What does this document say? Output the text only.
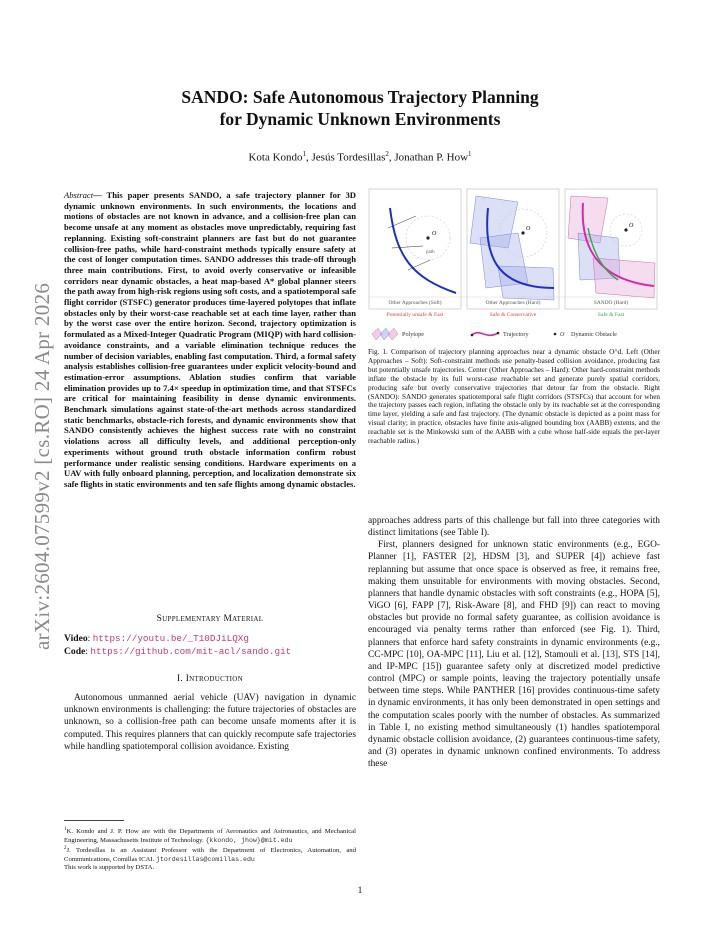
arXiv:2604.07599v2 [cs.RO] 24 Apr 2026
SANDO: Safe Autonomous Trajectory Planning
for Dynamic Unknown Environments
Kota Kondo$^1$, Jesús Tordesillas$^2$, Jonathan P. How$^1$
Abstract— This paper presents SANDO, a safe trajectory planner for 3D dynamic unknown environments. In such environments, the locations and motions of obstacles are not known in advance, and a collision-free plan can become unsafe at any moment as obstacles move unpredictably, requiring fast replanning. Existing soft-constraint planners are fast but do not guarantee collision-free paths, while hard-constraint methods typically ensure safety at the cost of longer computation times. SANDO addresses this trade-off through three main contributions. First, to avoid overly conservative or infeasible corridors near dynamic obstacles, a heat map-based A* global planner steers the path away from high-risk regions using soft costs, and a spatiotemporal safe flight corridor (STSFC) generator produces time-layered polytopes that inflate obstacles only by their worst-case reachable set at each time layer, rather than by the worst case over the entire horizon. Second, trajectory optimization is formulated as a Mixed-Integer Quadratic Program (MIQP) with hard collision-avoidance constraints, and a variable elimination technique reduces the number of decision variables, enabling fast computation. Third, a formal safety analysis establishes collision-free guarantees under explicit velocity-bound and estimation-error assumptions. Ablation studies confirm that variable elimination provides up to 7.4× speedup in optimization time, and that STSFCs are critical for maintaining feasibility in dense dynamic environments. Benchmark simulations against state-of-the-art methods across standardized static benchmarks, obstacle-rich forests, and dynamic environments show that SANDO consistently achieves the highest success rate with no constraint violations across all difficulty levels, and additional perception-only experiments without ground truth obstacle information confirm robust performance under realistic sensing conditions. Hardware experiments on a UAV with fully onboard planning, perception, and localization demonstrate six safe flights in static environments and ten safe flights among dynamic obstacles.
Supplementary Material
Video: https://youtu.be/_T10DJiLQXg
Code: https://github.com/mit-acl/sando.git
I. Introduction
Autonomous unmanned aerial vehicle (UAV) navigation in dynamic unknown environments is challenging: the future trajectories of obstacles are unknown, so a collision-free path can become unsafe moments after it is computed. This requires planners that can quickly recompute safe trajectories while handling spatiotemporal collision avoidance. Existing
$^1$K. Kondo and J. P. How are with the Departments of Aeronautics and Astronautics, and Mechanical Engineering, Massachusetts Institute of Technology. {kkondo, jhow}@mit.edu
$^2$J. Tordesillas is an Assistant Professor with the Department of Electronics, Automation, and Communications, Comillas ICAI. jtordesillas@comillas.edu
This work is supported by DSTA.
O
path
O	O
Other Approaches (Soft)
Potentially unsafe & Fast
Other Approaches (Hard)
Safe & Conservative
SANDO (Hard)
Safe & Fast
Polytope	Trajectory	O Dynamic Obstacle
Fig. 1. Comparison of trajectory planning approaches near a dynamic obstacle O^d. Left (Other Approaches – Soft): Soft-constraint methods use penalty-based collision avoidance, producing fast but potentially unsafe trajectories. Center (Other Approaches – Hard): Other hard-constraint methods inflate the obstacle by its full worst-case reachable set and generate purely spatial corridors, producing safe but overly conservative trajectories that detour far from the obstacle. Right (SANDO): SANDO generates spatiotemporal safe flight corridors (STSFCs) that account for when the trajectory passes each region, inflating the obstacle only by its reachable set at the corresponding time layer, yielding a safe and fast trajectory. (The dynamic obstacle is depicted as a point mass for visual clarity; in practice, obstacles have finite axis-aligned bounding box (AABB) extents, and the reachable set is the Minkowski sum of the AABB with a cube whose half-side equals the per-layer reachable radius.)

approaches address parts of this challenge but fall into three categories with distinct limitations (see Table I).

First, planners designed for unknown static environments (e.g., EGO-Planner [1], FASTER [2], HDSM [3], and SUPER [4]) achieve fast replanning but assume that once space is observed as free, it remains free, making them unsuitable for environments with moving obstacles. Second, planners that handle dynamic obstacles with soft constraints (e.g., HOPA [5], ViGO [6], FAPP [7], Risk-Aware [8], and FHD [9]) can react to moving obstacles but provide no formal safety guarantee, as collision avoidance is encouraged via penalty terms rather than enforced (see Fig. 1). Third, planners that enforce hard safety constraints in dynamic environments (e.g., CC-MPC [10], OA-MPC [11], Liu et al. [12], Stamouli et al. [13], STS [14], and IP-MPC [15]) guarantee safety only at discretized model predictive control (MPC) or sample points, leaving the trajectory potentially unsafe between time steps. While PANTHER [16] provides continuous-time safety in dynamic environments, it has only been demonstrated in open settings and the computation scales poorly with the number of obstacles. As summarized in Table I, no existing method simultaneously (1) handles spatiotemporal dynamic obstacle collision avoidance, (2) guarantees continuous-time safety, and (3) operates in dynamic unknown confined environments. To address these

1
